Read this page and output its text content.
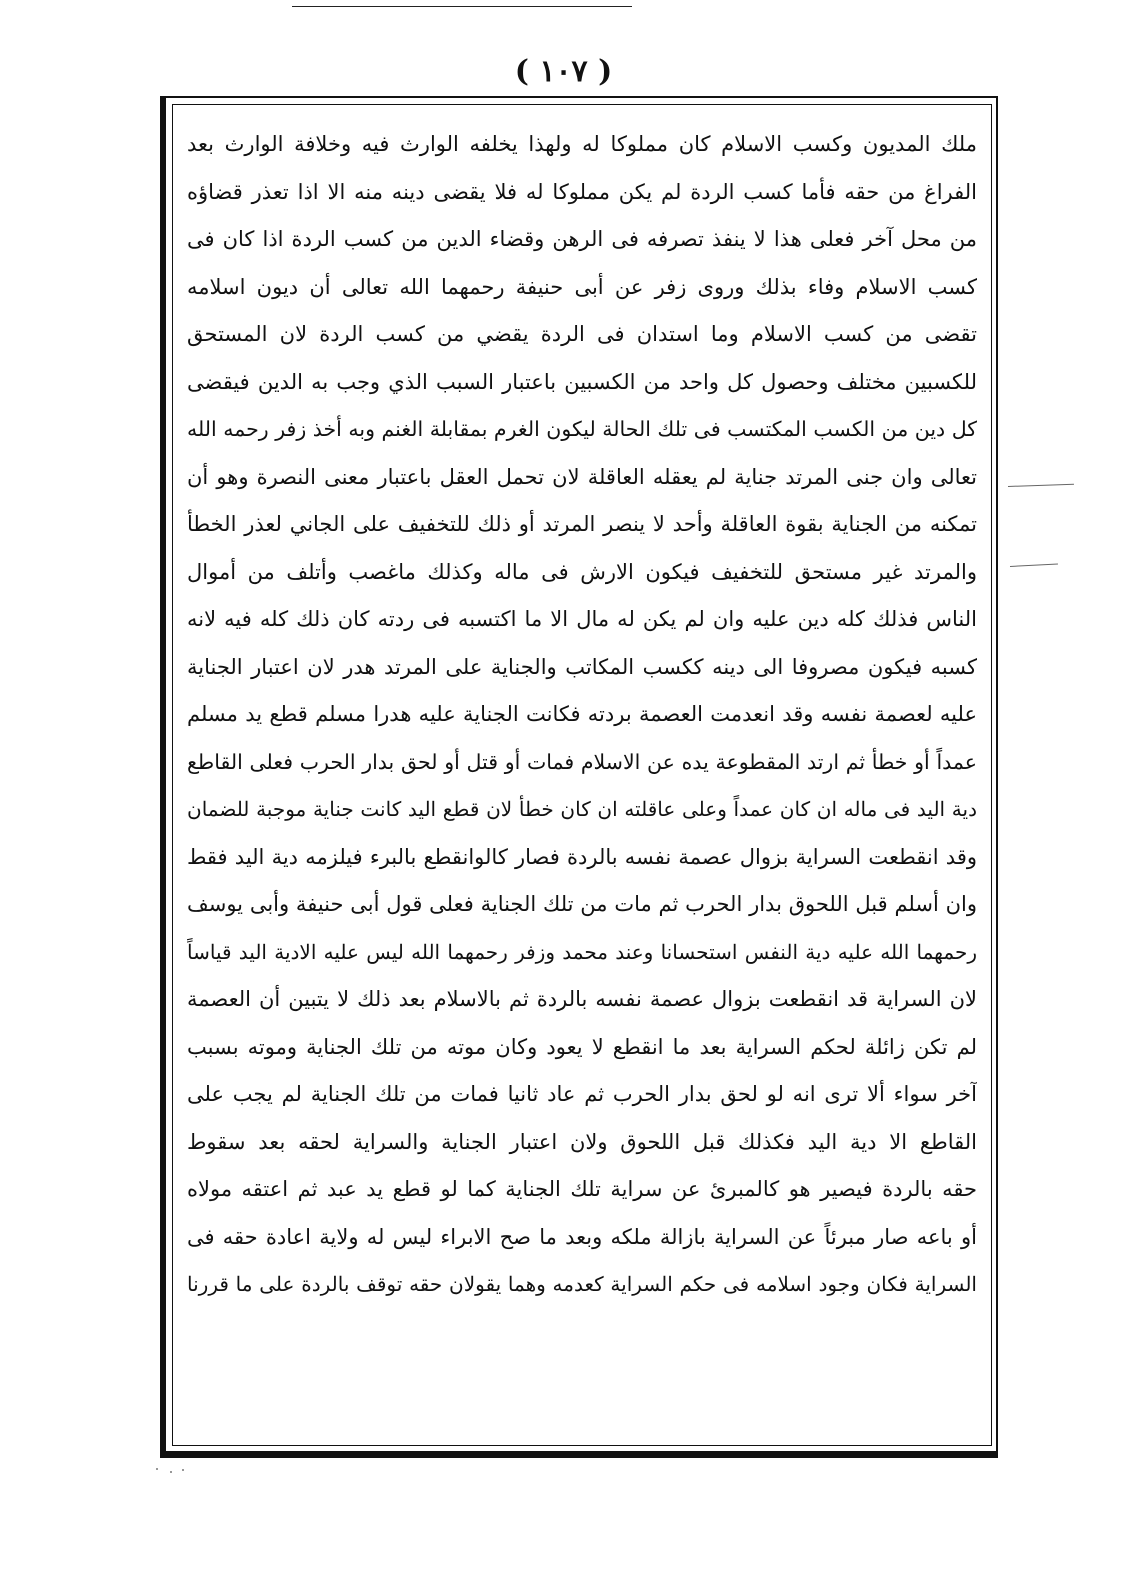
( ١٠٧ )
ملك المديون وكسب الاسلام كان مملوكا له ولهذا يخلفه الوارث فيه وخلافة الوارث بعد
الفراغ من حقه فأما كسب الردة لم يكن مملوكا له فلا يقضى دينه منه الا اذا تعذر قضاؤه
من محل آخر فعلى هذا لا ينفذ تصرفه فى الرهن وقضاء الدين من كسب الردة اذا كان فى
كسب الاسلام وفاء بذلك وروى زفر عن أبى حنيفة رحمهما الله تعالى أن ديون اسلامه
تقضى من كسب الاسلام وما استدان فى الردة يقضي من كسب الردة لان المستحق
للكسبين مختلف وحصول كل واحد من الكسبين باعتبار السبب الذي وجب به الدين فيقضى
كل دين من الكسب المكتسب فى تلك الحالة ليكون الغرم بمقابلة الغنم وبه أخذ زفر رحمه الله
تعالى وان جنى المرتد جناية لم يعقله العاقلة لان تحمل العقل باعتبار معنى النصرة وهو أن
تمكنه من الجناية بقوة العاقلة وأحد لا ينصر المرتد أو ذلك للتخفيف على الجاني لعذر الخطأ
والمرتد غير مستحق للتخفيف فيكون الارش فى ماله وكذلك ماغصب وأتلف من أموال
الناس فذلك كله دين عليه وان لم يكن له مال الا ما اكتسبه فى ردته كان ذلك كله فيه لانه
كسبه فيكون مصروفا الى دينه ككسب المكاتب والجناية على المرتد هدر لان اعتبار الجناية
عليه لعصمة نفسه وقد انعدمت العصمة بردته فكانت الجناية عليه هدرا مسلم قطع يد مسلم
عمداً أو خطأ ثم ارتد المقطوعة يده عن الاسلام فمات أو قتل أو لحق بدار الحرب فعلى القاطع
دية اليد فى ماله ان كان عمداً وعلى عاقلته ان كان خطأ لان قطع اليد كانت جناية موجبة للضمان
وقد انقطعت السراية بزوال عصمة نفسه بالردة فصار كالوانقطع بالبرء فيلزمه دية اليد فقط
وان أسلم قبل اللحوق بدار الحرب ثم مات من تلك الجناية فعلى قول أبى حنيفة وأبى يوسف
رحمهما الله عليه دية النفس استحسانا وعند محمد وزفر رحمهما الله ليس عليه الادية اليد قياساً
لان السراية قد انقطعت بزوال عصمة نفسه بالردة ثم بالاسلام بعد ذلك لا يتبين أن العصمة
لم تكن زائلة لحكم السراية بعد ما انقطع لا يعود وكان موته من تلك الجناية وموته بسبب
آخر سواء ألا ترى انه لو لحق بدار الحرب ثم عاد ثانيا فمات من تلك الجناية لم يجب على
القاطع الا دية اليد فكذلك قبل اللحوق ولان اعتبار الجناية والسراية لحقه بعد سقوط
حقه بالردة فيصير هو كالمبرئ عن سراية تلك الجناية كما لو قطع يد عبد ثم اعتقه مولاه
أو باعه صار مبرئاً عن السراية بازالة ملكه وبعد ما صح الابراء ليس له ولاية اعادة حقه فى
السراية فكان وجود اسلامه فى حكم السراية كعدمه وهما يقولان حقه توقف بالردة على ما قررنا
